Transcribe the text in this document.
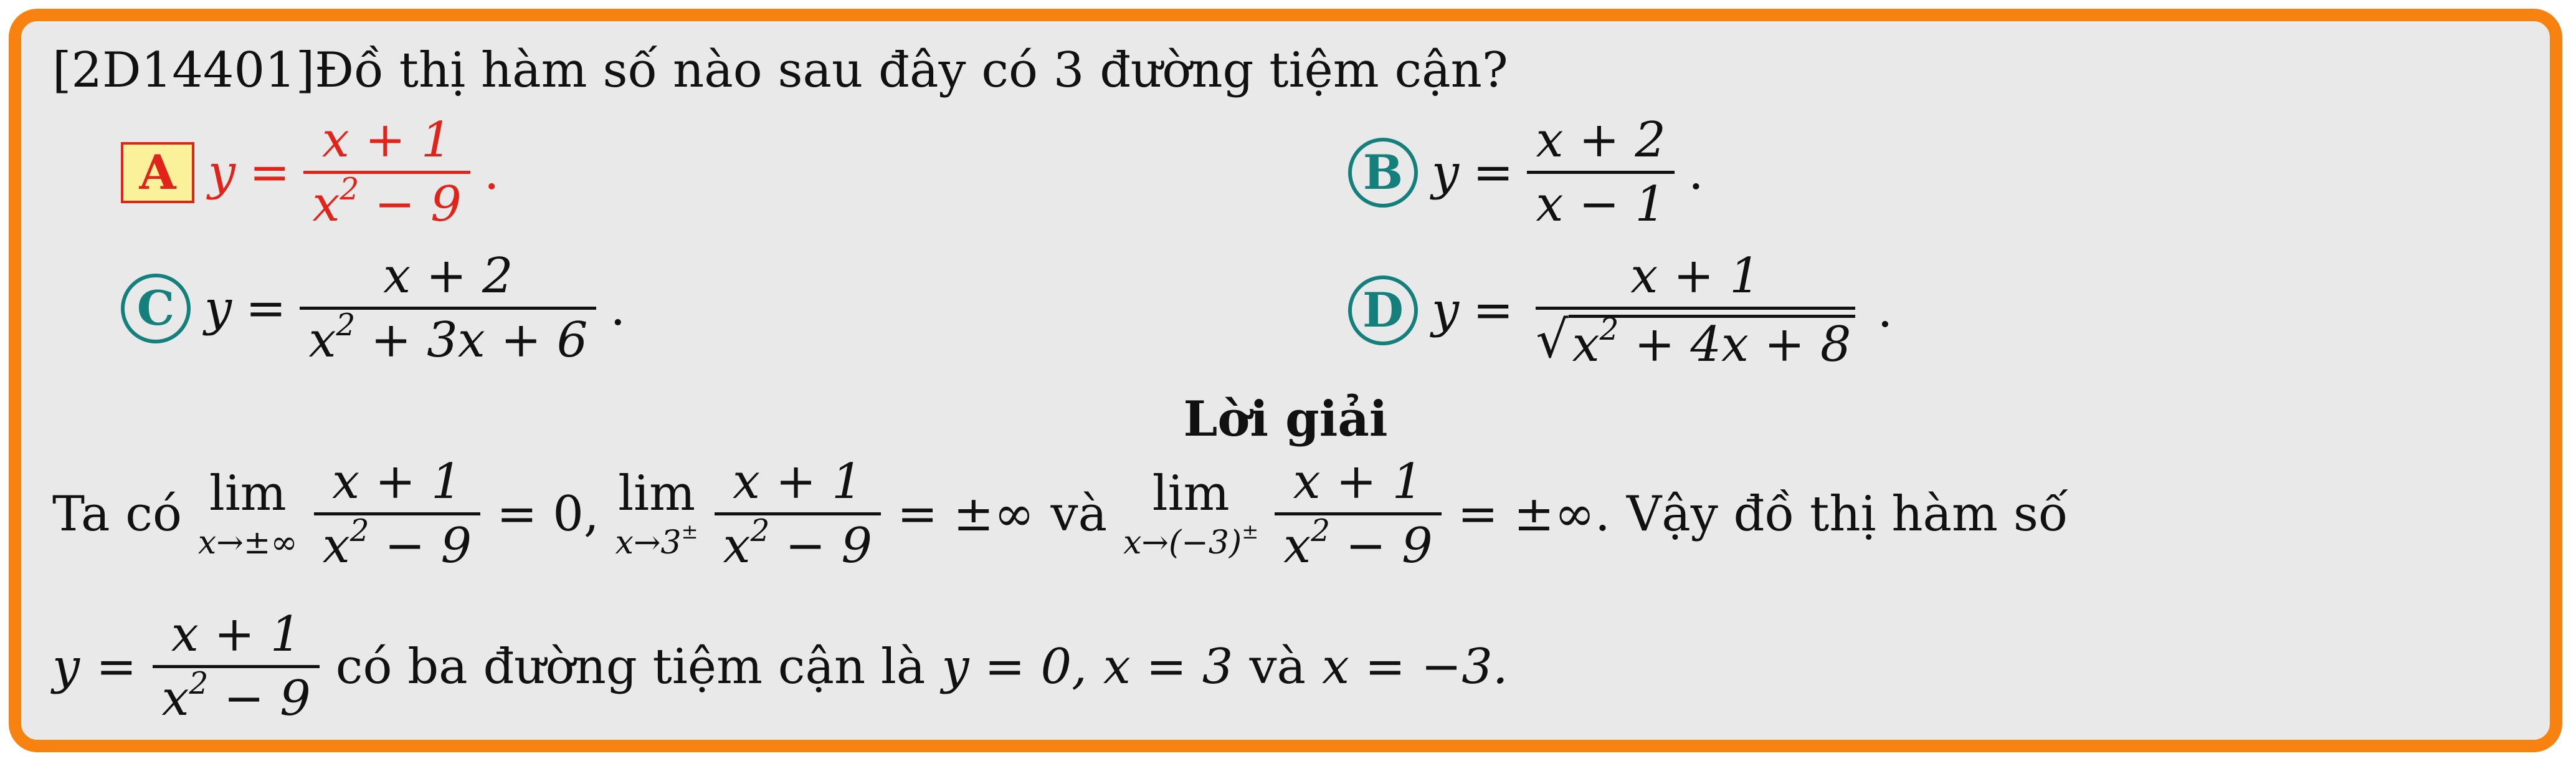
[2D14401]Đồ thị hàm số nào sau đây có 3 đường tiệm cận?
A $y = \frac{x + 1}{x^2 - 9}$ .	B $y = \frac{x + 2}{x - 1}$ .
C $y = \frac{x + 2}{x^2 + 3x + 6}$ .	D y =
x + 1
√ $x^2 + 4x + 8$
.
Lời giải
Ta có lim
$x\to\pm\infty \frac{x + 1}{x^2 - 9} = 0$, lim
$x\to 3^\pm \frac{x + 1}{x^2 - 9}$ = ±∞ và lim
$x\to(-3)^\pm \frac{x + 1}{x^2 - 9}$ = ±∞. Vậy đồ thị hàm số
$y = \frac{x + 1}{x^2 - 9}$ có ba đường tiệm cận là y = 0, x = 3 và x = −3.
